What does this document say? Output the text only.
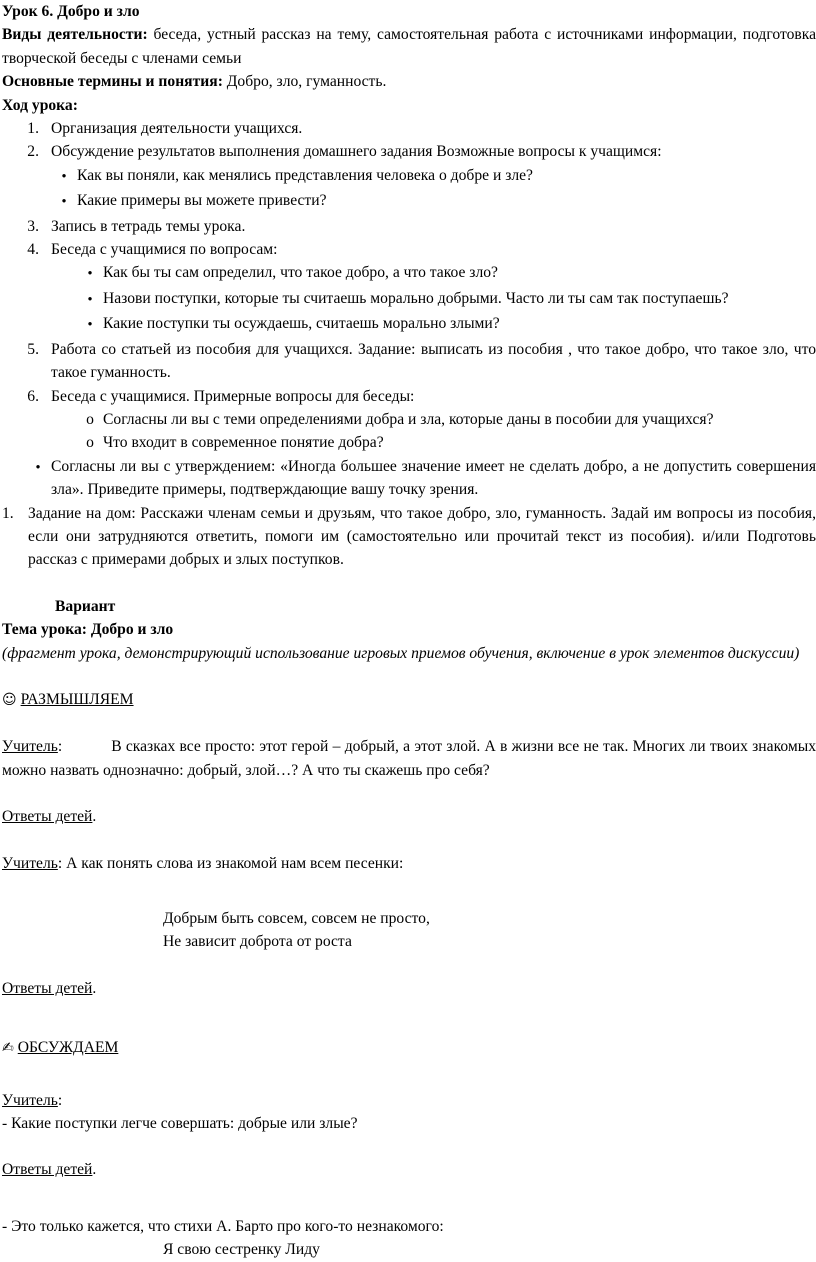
Урок 6. Добро и зло

Виды деятельности: беседа, устный рассказ на тему, самостоятельная работа с источниками информации, подготовка творческой беседы с членами семьи

Основные термины и понятия: Добро, зло, гуманность.

Ход урока:

1. Организация деятельности учащихся.
2. Обсуждение результатов выполнения домашнего задания Возможные вопросы к учащимся:
●
Как вы поняли, как менялись представления человека о добре и зле?
●
Какие примеры вы можете привести?
3. Запись в тетрадь темы урока.
4. Беседа с учащимися по вопросам:
●
Как бы ты сам определил, что такое добро, а что такое зло?
●
Назови поступки, которые ты считаешь морально добрыми. Часто ли ты сам так поступаешь?
●
Какие поступки ты осуждаешь, считаешь морально злыми?
5. Работа со статьей из пособия для учащихся. Задание: выписать из пособия , что такое добро, что такое зло, что такое гуманность.
6. Беседа с учащимися. Примерные вопросы для беседы:
o Согласны ли вы с теми определениями добра и зла, которые даны в пособии для учащихся?
o Что входит в современное понятие добра?
●
Согласны ли вы с утверждением: «Иногда большее значение имеет не сделать добро, а не допустить совершения зла». Приведите примеры, подтверждающие вашу точку зрения.
1. Задание на дом: Расскажи членам семьи и друзьям, что такое добро, зло, гуманность. Задай им вопросы из пособия, если они затрудняются ответить, помоги им (самостоятельно или прочитай текст из пособия). и/или Подготовь рассказ с примерами добрых и злых поступков.

Вариант

Тема урока: Добро и зло

(фрагмент урока, демонстрирующий использование игровых приемов обучения, включение в урок элементов дискуссии)

☺ РАЗМЫШЛЯЕМ

Учитель:	В сказках все просто: этот герой – добрый, а этот злой. А в жизни все не так. Многих ли твоих знакомых можно назвать однозначно: добрый, злой…? А что ты скажешь про себя?

Ответы детей.

Учитель: А как понять слова из знакомой нам всем песенки:

Добрым быть совсем, совсем не просто,

Не зависит доброта от роста

Ответы детей.

✍ ОБСУЖДАЕМ

Учитель:

- Какие поступки легче совершать: добрые или злые?

Ответы детей.

- Это только кажется, что стихи А. Барто про кого-то незнакомого:

Я свою сестренку Лиду
